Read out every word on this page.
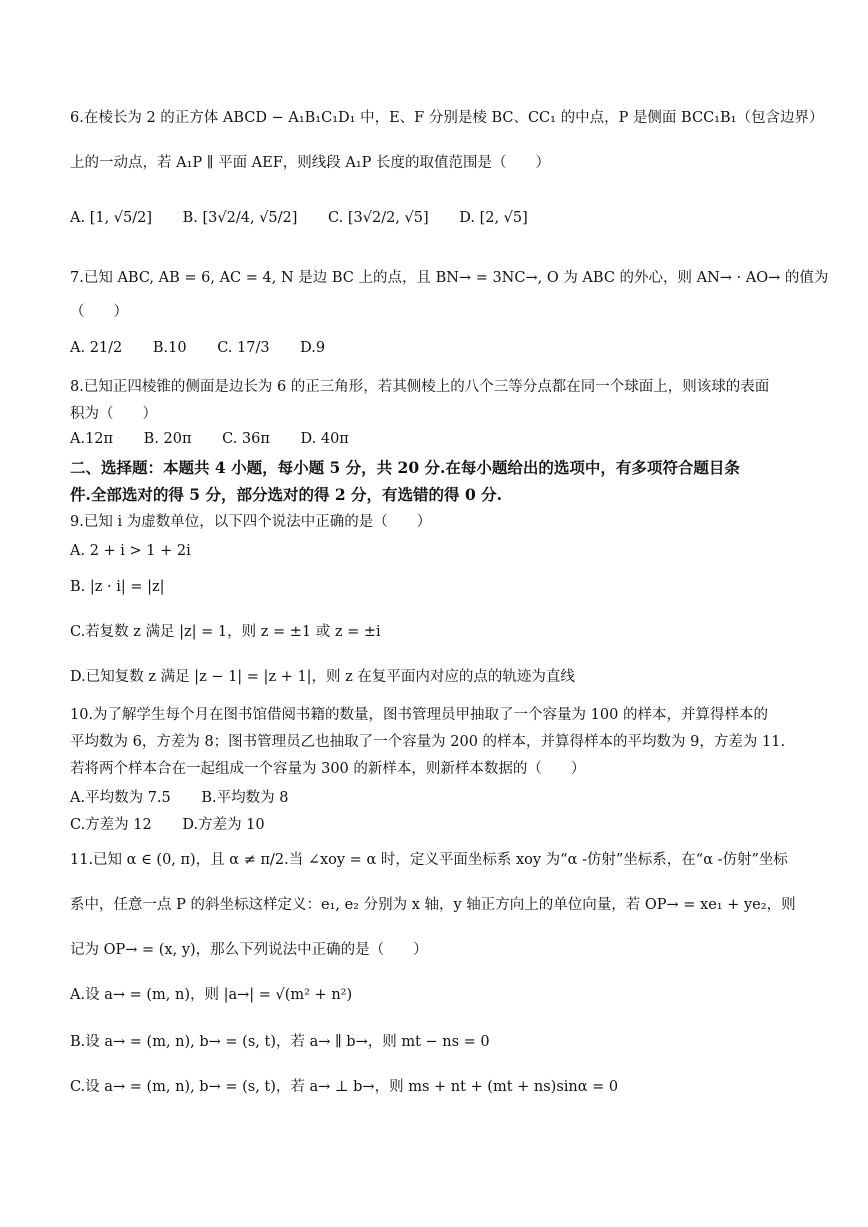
6.在棱长为 2 的正方体 ABCD − A₁B₁C₁D₁ 中，E、F 分别是棱 BC、CC₁ 的中点，P 是侧面 BCC₁B₁（包含边界）
上的一动点，若 A₁P ∥ 平面 AEF，则线段 A₁P 长度的取值范围是（　　）
A. [1, √5/2] B. [3√2/4, √5/2] C. [3√2/2, √5] D. [2, √5]
7.已知 ABC, AB = 6, AC = 4, N 是边 BC 上的点，且 BN→ = 3NC→, O 为 ABC 的外心，则 AN→ · AO→ 的值为
（　　）
A. 21/2 B.10 C. 17/3 D.9
8.已知正四棱锥的侧面是边长为 6 的正三角形，若其侧棱上的八个三等分点都在同一个球面上，则该球的表面
积为（　　）
A.12π B. 20π C. 36π D. 40π
二、选择题：本题共 4 小题，每小题 5 分，共 20 分.在每小题给出的选项中，有多项符合题目条
件.全部选对的得 5 分，部分选对的得 2 分，有选错的得 0 分.
9.已知 i 为虚数单位，以下四个说法中正确的是（　　）
A. 2 + i > 1 + 2i
B. |z · i| = |z|
C.若复数 z 满足 |z| = 1，则 z = ±1 或 z = ±i
D.已知复数 z 满足 |z − 1| = |z + 1|，则 z 在复平面内对应的点的轨迹为直线
10.为了解学生每个月在图书馆借阅书籍的数量，图书管理员甲抽取了一个容量为 100 的样本，并算得样本的
平均数为 6，方差为 8；图书管理员乙也抽取了一个容量为 200 的样本，并算得样本的平均数为 9，方差为 11.
若将两个样本合在一起组成一个容量为 300 的新样本，则新样本数据的（　　）
A.平均数为 7.5 B.平均数为 8
C.方差为 12 D.方差为 10
11.已知 α ∈ (0, π)，且 α ≠ π/2.当 ∠xoy = α 时，定义平面坐标系 xoy 为“α -仿射”坐标系，在“α -仿射”坐标
系中，任意一点 P 的斜坐标这样定义：e₁, e₂ 分别为 x 轴，y 轴正方向上的单位向量，若 OP→ = xe₁ + ye₂，则
记为 OP→ = (x, y)，那么下列说法中正确的是（　　）
A.设 a→ = (m, n)，则 |a→| = √(m² + n²)
B.设 a→ = (m, n), b→ = (s, t)，若 a→ ∥ b→，则 mt − ns = 0
C.设 a→ = (m, n), b→ = (s, t)，若 a→ ⊥ b→，则 ms + nt + (mt + ns)sinα = 0
